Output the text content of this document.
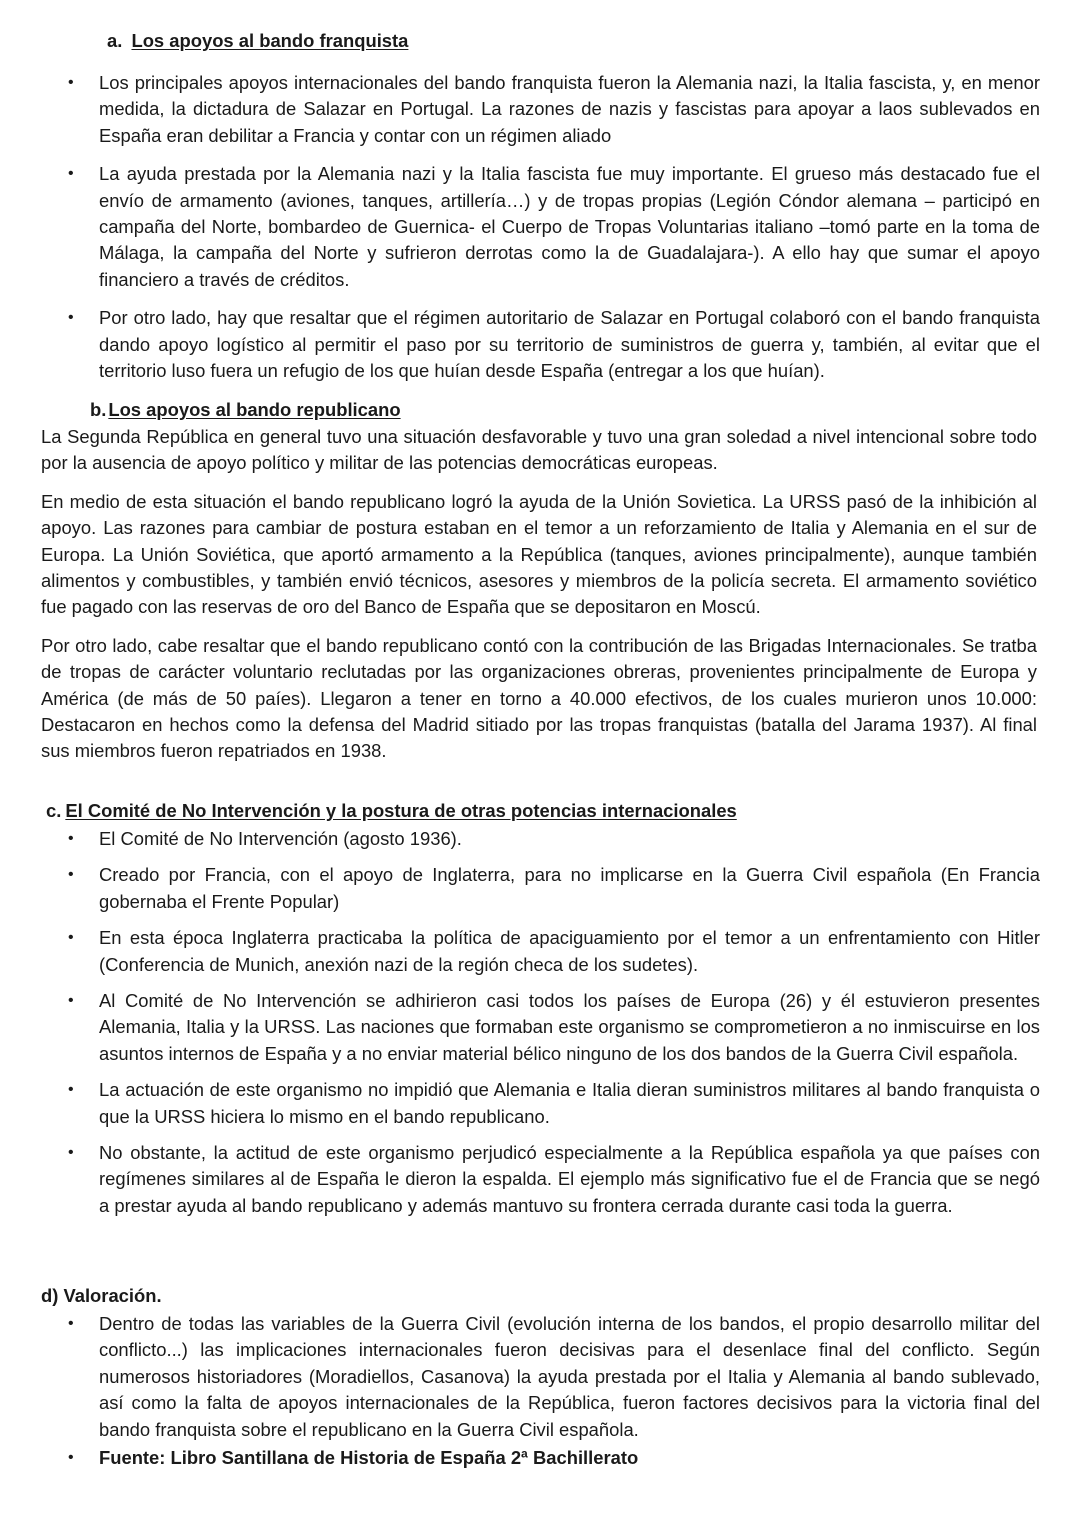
a. Los apoyos al bando franquista
• Los principales apoyos internacionales del bando franquista fueron la Alemania nazi, la Italia fascista, y, en menor medida, la dictadura de Salazar en Portugal. La razones de nazis y fascistas para apoyar a laos sublevados en España eran debilitar a Francia y contar con un régimen aliado
• La ayuda prestada por la Alemania nazi y la Italia fascista fue muy importante. El grueso más destacado fue el envío de armamento (aviones, tanques, artillería…) y de tropas propias (Legión Cóndor alemana – participó en campaña del Norte, bombardeo de Guernica- el Cuerpo de Tropas Voluntarias italiano –tomó parte en la toma de Málaga, la campaña del Norte y sufrieron derrotas como la de Guadalajara-). A ello hay que sumar el apoyo financiero a través de créditos.
• Por otro lado, hay que resaltar que el régimen autoritario de Salazar en Portugal colaboró con el bando franquista dando apoyo logístico al permitir el paso por su territorio de suministros de guerra y, también, al evitar que el territorio luso fuera un refugio de los que huían desde España (entregar a los que huían).
b. Los apoyos al bando republicano

La Segunda República en general tuvo una situación desfavorable y tuvo una gran soledad a nivel intencional sobre todo por la ausencia de apoyo político y militar de las potencias democráticas europeas.

En medio de esta situación el bando republicano logró la ayuda de la Unión Sovietica. La URSS pasó de la inhibición al apoyo. Las razones para cambiar de postura estaban en el temor a un reforzamiento de Italia y Alemania en el sur de Europa. La Unión Soviética, que aportó armamento a la República (tanques, aviones principalmente), aunque también alimentos y combustibles, y también envió técnicos, asesores y miembros de la policía secreta. El armamento soviético fue pagado con las reservas de oro del Banco de España que se depositaron en Moscú.

Por otro lado, cabe resaltar que el bando republicano contó con la contribución de las Brigadas Internacionales. Se tratba de tropas de carácter voluntario reclutadas por las organizaciones obreras, provenientes principalmente de Europa y América (de más de 50 paíes). Llegaron a tener en torno a 40.000 efectivos, de los cuales murieron unos 10.000: Destacaron en hechos como la defensa del Madrid sitiado por las tropas franquistas (batalla del Jarama 1937). Al final sus miembros fueron repatriados en 1938.

c. El Comité de No Intervención y la postura de otras potencias internacionales
• El Comité de No Intervención (agosto 1936).
• Creado por Francia, con el apoyo de Inglaterra, para no implicarse en la Guerra Civil española (En Francia gobernaba el Frente Popular)
• En esta época Inglaterra practicaba la política de apaciguamiento por el temor a un enfrentamiento con Hitler (Conferencia de Munich, anexión nazi de la región checa de los sudetes).
• Al Comité de No Intervención se adhirieron casi todos los países de Europa (26) y él estuvieron presentes Alemania, Italia y la URSS. Las naciones que formaban este organismo se comprometieron a no inmiscuirse en los asuntos internos de España y a no enviar material bélico ninguno de los dos bandos de la Guerra Civil española.
• La actuación de este organismo no impidió que Alemania e Italia dieran suministros militares al bando franquista o que la URSS hiciera lo mismo en el bando republicano.
• No obstante, la actitud de este organismo perjudicó especialmente a la República española ya que países con regímenes similares al de España le dieron la espalda. El ejemplo más significativo fue el de Francia que se negó a prestar ayuda al bando republicano y además mantuvo su frontera cerrada durante casi toda la guerra.
d) Valoración.
• Dentro de todas las variables de la Guerra Civil (evolución interna de los bandos, el propio desarrollo militar del conflicto...) las implicaciones internacionales fueron decisivas para el desenlace final del conflicto. Según numerosos historiadores (Moradiellos, Casanova) la ayuda prestada por el Italia y Alemania al bando sublevado, así como la falta de apoyos internacionales de la República, fueron factores decisivos para la victoria final del bando franquista sobre el republicano en la Guerra Civil española.
• Fuente: Libro Santillana de Historia de España 2ª Bachillerato
